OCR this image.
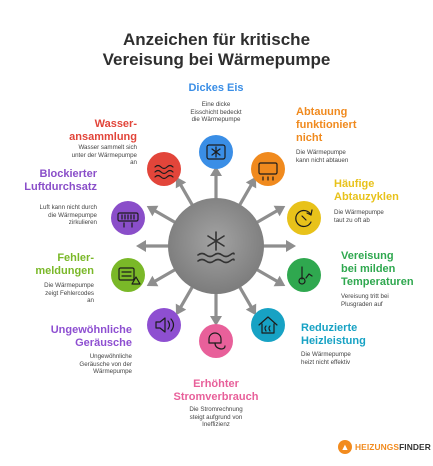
Anzeichen für kritische
Vereisung bei Wärmepumpe
Dickes Eis
Eine dicke
Eisschicht bedeckt
die Wärmepumpe
Abtauung
funktioniert
nicht
Die Wärmepumpe
kann nicht abtauen
Häufige
Abtauzyklen
Die Wärmepumpe
taut zu oft ab
Vereisung
bei milden
Temperaturen
Vereisung tritt bei
Plusgraden auf
Reduzierte
Heizleistung
Die Wärmepumpe
heizt nicht effektiv
Erhöhter
Stromverbrauch
Die Stromrechnung
steigt aufgrund von
Ineffizienz
Ungewöhnliche
Geräusche
Ungewöhnliche
Geräusche von der
Wärmepumpe
Fehler-
meldungen
Die Wärmepumpe
zeigt Fehlercodes
an
Blockierter
Luftdurchsatz
Luft kann nicht durch
die Wärmepumpe
zirkulieren
Wasser-
ansammlung
Wasser sammelt sich
unter der Wärmepumpe
an
▲ HEIZUNGSFINDER
